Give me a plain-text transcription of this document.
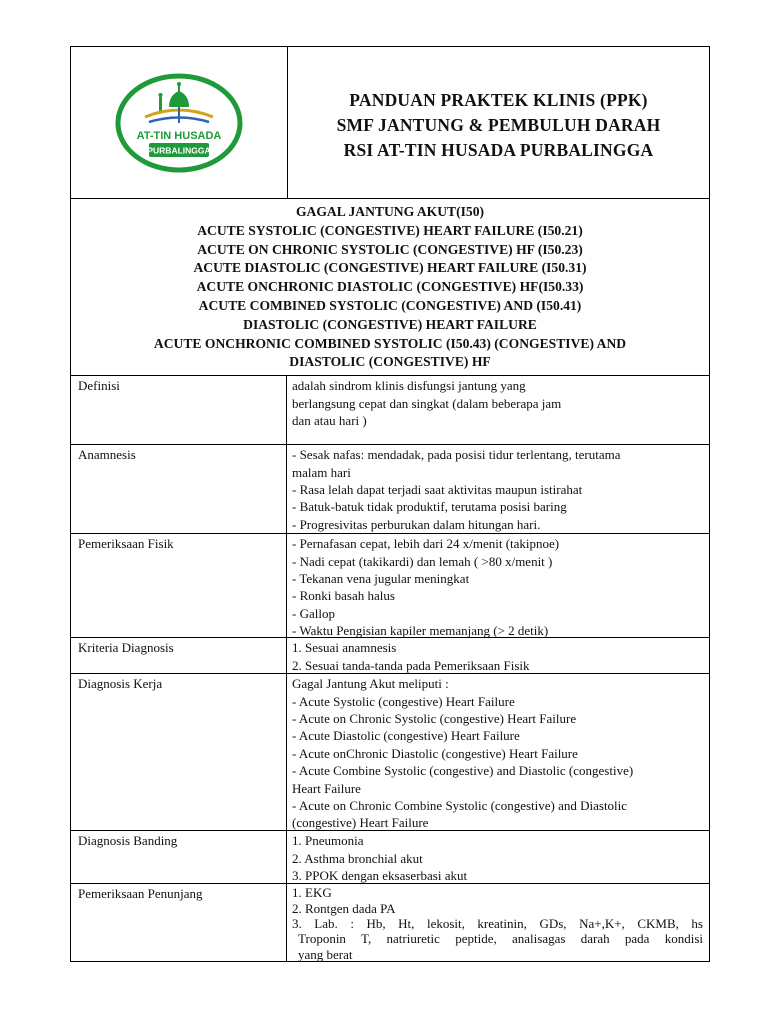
AT-TIN HUSADA
PURBALINGGA
PANDUAN PRAKTEK KLINIS (PPK)
SMF JANTUNG & PEMBULUH DARAH
RSI AT-TIN HUSADA PURBALINGGA
GAGAL JANTUNG AKUT(I50)
ACUTE SYSTOLIC (CONGESTIVE) HEART FAILURE (I50.21)
ACUTE ON CHRONIC SYSTOLIC (CONGESTIVE) HF (I50.23)
ACUTE DIASTOLIC (CONGESTIVE) HEART FAILURE (I50.31)
ACUTE ONCHRONIC DIASTOLIC (CONGESTIVE) HF(I50.33)
ACUTE COMBINED SYSTOLIC (CONGESTIVE) AND (I50.41)
DIASTOLIC (CONGESTIVE) HEART FAILURE
ACUTE ONCHRONIC COMBINED SYSTOLIC (I50.43) (CONGESTIVE) AND
DIASTOLIC (CONGESTIVE) HF
Definisi	adalah sindrom klinis disfungsi jantung yang
berlangsung cepat dan singkat (dalam beberapa jam
dan atau hari )
Anamnesis	- Sesak nafas: mendadak, pada posisi tidur terlentang, terutama
malam hari
- Rasa lelah dapat terjadi saat aktivitas maupun istirahat
- Batuk-batuk tidak produktif, terutama posisi baring
- Progresivitas perburukan dalam hitungan hari.
Pemeriksaan Fisik	- Pernafasan cepat, lebih dari 24 x/menit (takipnoe)
- Nadi cepat (takikardi) dan lemah ( >80 x/menit )
- Tekanan vena jugular meningkat
- Ronki basah halus
- Gallop
- Waktu Pengisian kapiler memanjang (> 2 detik)
Kriteria Diagnosis	1. Sesuai anamnesis
2. Sesuai tanda-tanda pada Pemeriksaan Fisik
Diagnosis Kerja	Gagal Jantung Akut meliputi :
- Acute Systolic (congestive) Heart Failure
- Acute on Chronic Systolic (congestive) Heart Failure
- Acute Diastolic (congestive) Heart Failure
- Acute onChronic Diastolic (congestive) Heart Failure
- Acute Combine Systolic (congestive) and Diastolic (congestive)
Heart Failure
- Acute on Chronic Combine Systolic (congestive) and Diastolic
(congestive) Heart Failure
Diagnosis Banding	1. Pneumonia
2. Asthma bronchial akut
3. PPOK dengan eksaserbasi akut
Pemeriksaan Penunjang	1. EKG
2. Rontgen dada PA
3. Lab. : Hb, Ht, lekosit, kreatinin, GDs, Na+,K+, CKMB, hs
Troponin T, natriuretic peptide, analisagas darah pada kondisi
yang berat
